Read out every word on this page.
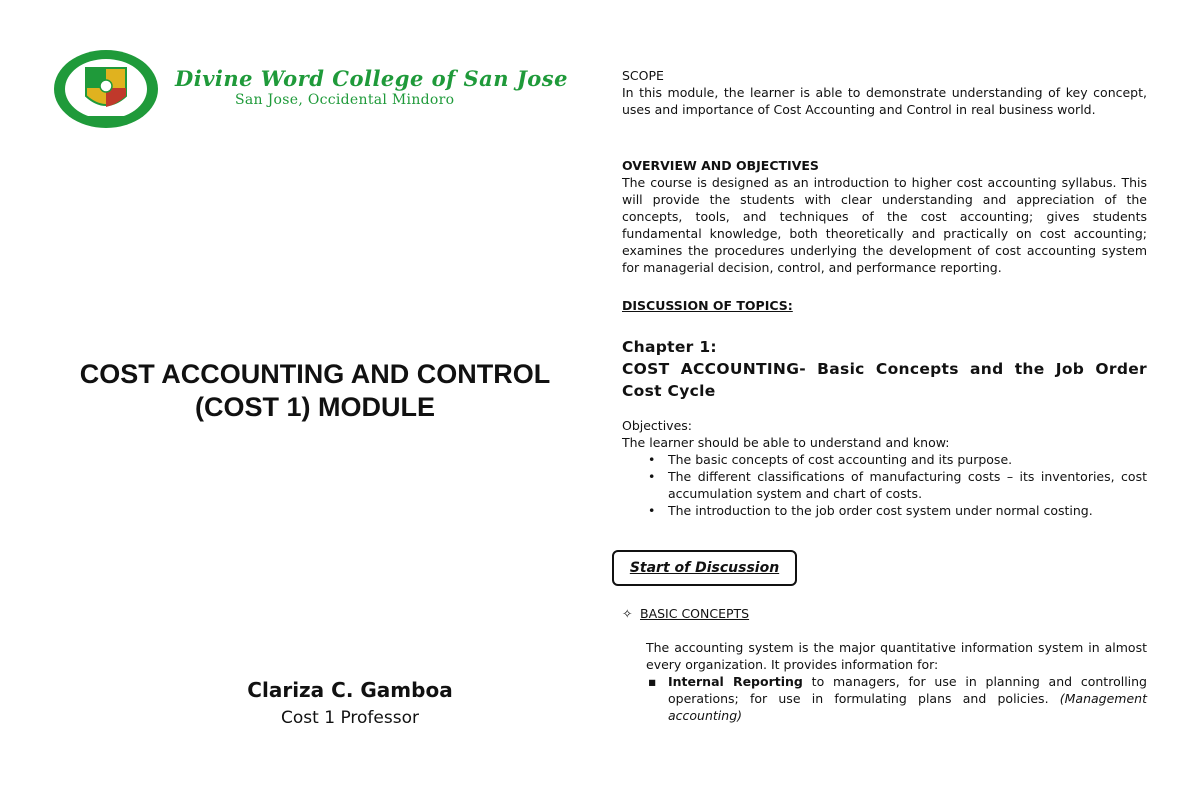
Divine Word College of San Jose
San Jose, Occidental Mindoro
COST ACCOUNTING AND CONTROL
(COST 1) MODULE
Clariza C. Gamboa
Cost 1 Professor

SCOPE

In this module, the learner is able to demonstrate understanding of key concept, uses and importance of Cost Accounting and Control in real business world.

OVERVIEW AND OBJECTIVES

The course is designed as an introduction to higher cost accounting syllabus. This will provide the students with clear understanding and appreciation of the concepts, tools, and techniques of the cost accounting; gives students fundamental knowledge, both theoretically and practically on cost accounting; examines the procedures underlying the development of cost accounting system for managerial decision, control, and performance reporting.

DISCUSSION OF TOPICS:

Chapter 1:

COST ACCOUNTING- Basic Concepts and the Job Order Cost Cycle

Objectives:

The learner should be able to understand and know:

• The basic concepts of cost accounting and its purpose.
• The different classifications of manufacturing costs – its inventories, cost accumulation system and chart of costs.
• The introduction to the job order cost system under normal costing.
Start of Discussion
✧ BASIC CONCEPTS

The accounting system is the major quantitative information system in almost every organization. It provides information for:

▪ Internal Reporting to managers, for use in planning and controlling operations; for use in formulating plans and policies. (Management accounting)
